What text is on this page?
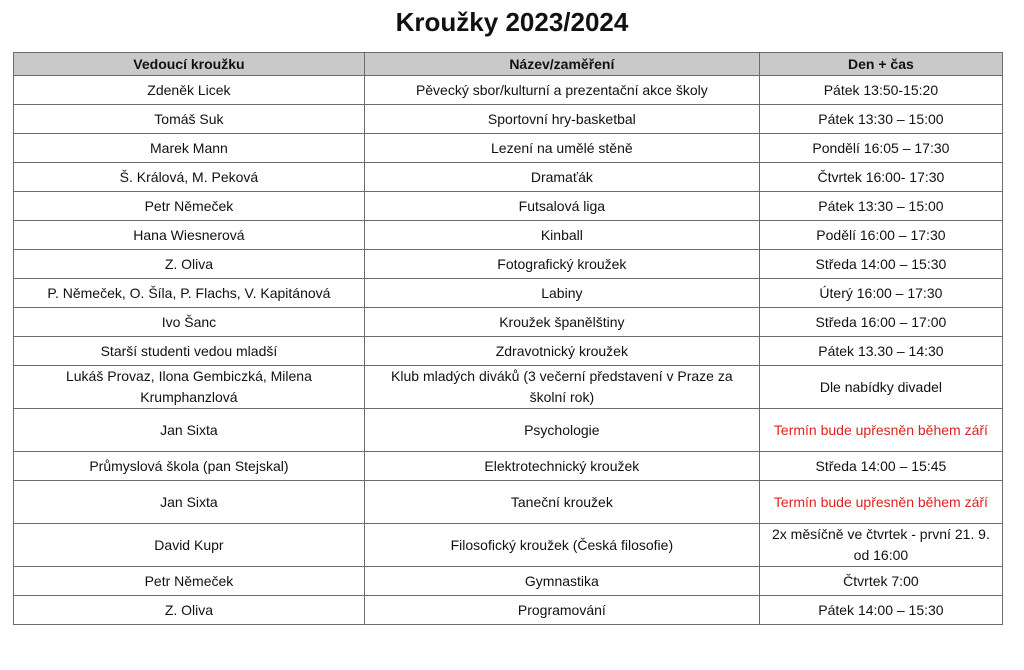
Kroužky 2023/2024
Vedoucí kroužku	Název/zaměření	Den + čas
Zdeněk Licek	Pěvecký sbor/kulturní a prezentační akce školy	Pátek 13:50-15:20
Tomáš Suk	Sportovní hry-basketbal	Pátek 13:30 – 15:00
Marek Mann	Lezení na umělé stěně	Pondělí 16:05 – 17:30
Š. Králová, M. Peková	Dramaťák	Čtvrtek 16:00- 17:30
Petr Němeček	Futsalová liga	Pátek 13:30 – 15:00
Hana Wiesnerová	Kinball	Podělí 16:00 – 17:30
Z. Oliva	Fotografický kroužek	Středa 14:00 – 15:30
P. Němeček, O. Šíla, P. Flachs, V. Kapitánová	Labiny	Úterý 16:00 – 17:30
Ivo Šanc	Kroužek španělštiny	Středa 16:00 – 17:00
Starší studenti vedou mladší	Zdravotnický kroužek	Pátek 13.30 – 14:30
Lukáš Provaz, Ilona Gembiczká, Milena Krumphanzlová	Klub mladých diváků (3 večerní představení v Praze za školní rok)	Dle nabídky divadel
Jan Sixta	Psychologie	Termín bude upřesněn během září
Průmyslová škola (pan Stejskal)	Elektrotechnický kroužek	Středa 14:00 – 15:45
Jan Sixta	Taneční kroužek	Termín bude upřesněn během září
David Kupr	Filosofický kroužek (Česká filosofie)	2x měsíčně ve čtvrtek - první 21. 9. od 16:00
Petr Němeček	Gymnastika	Čtvrtek 7:00
Z. Oliva	Programování	Pátek 14:00 – 15:30
